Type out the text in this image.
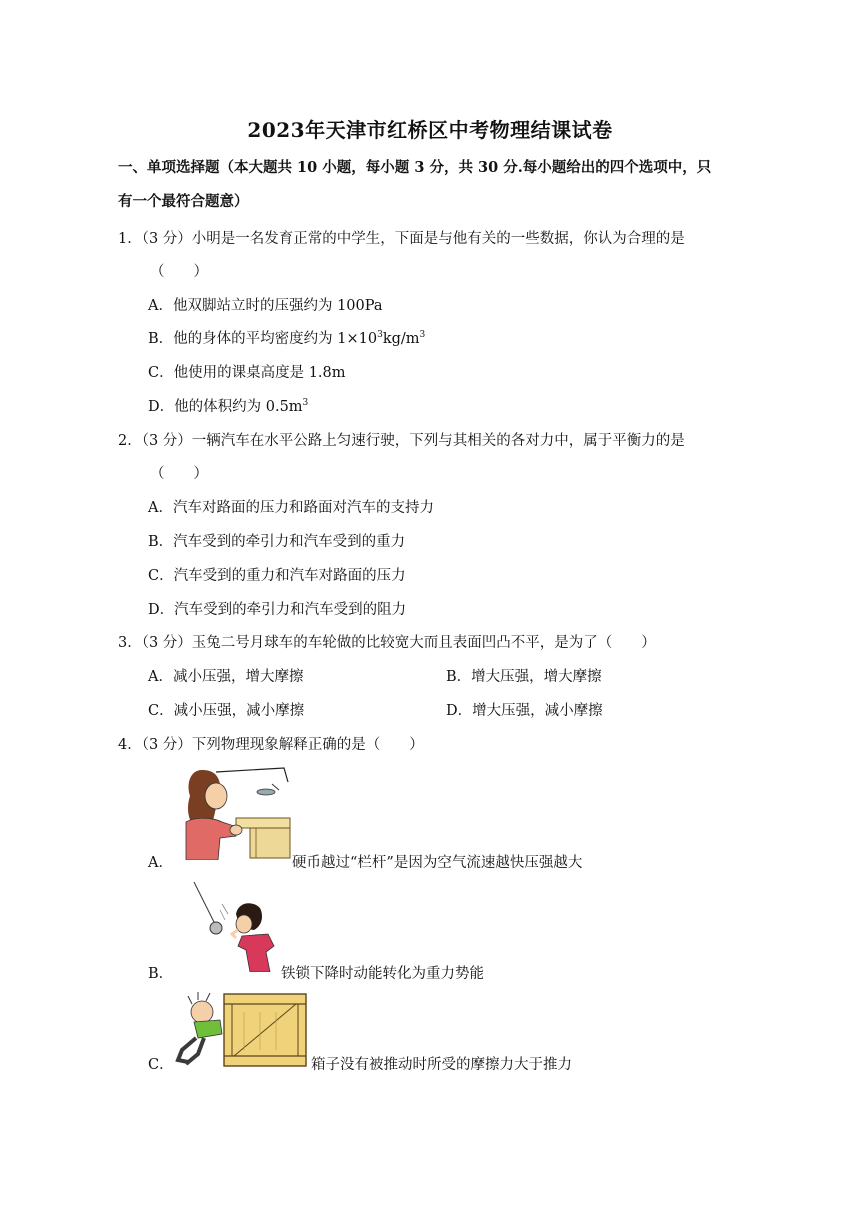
2023年天津市红桥区中考物理结课试卷
一、单项选择题（本大题共 10 小题，每小题 3 分，共 30 分.每小题给出的四个选项中，只
有一个最符合题意）
1．（3 分）小明是一名发育正常的中学生，下面是与他有关的一些数据，你认为合理的是
（　　）
A．他双脚站立时的压强约为 100Pa
B．他的身体的平均密度约为 $1\times 10^3kg/m^3$
C．他使用的课桌高度是 1.8m
D．他的体积约为 $0.5m^3$
2．（3 分）一辆汽车在水平公路上匀速行驶，下列与其相关的各对力中，属于平衡力的是
（　　）
A．汽车对路面的压力和路面对汽车的支持力
B．汽车受到的牵引力和汽车受到的重力
C．汽车受到的重力和汽车对路面的压力
D．汽车受到的牵引力和汽车受到的阻力
3．（3 分）玉兔二号月球车的车轮做的比较宽大而且表面凹凸不平，是为了（　　）
A．减小压强，增大摩擦	B．增大压强，增大摩擦
C．减小压强，减小摩擦	D．增大压强，减小摩擦
4．（3 分）下列物理现象解释正确的是（　　）
A．	硬币越过“栏杆”是因为空气流速越快压强越大
B．	铁锁下降时动能转化为重力势能
C．	箱子没有被推动时所受的摩擦力大于推力
